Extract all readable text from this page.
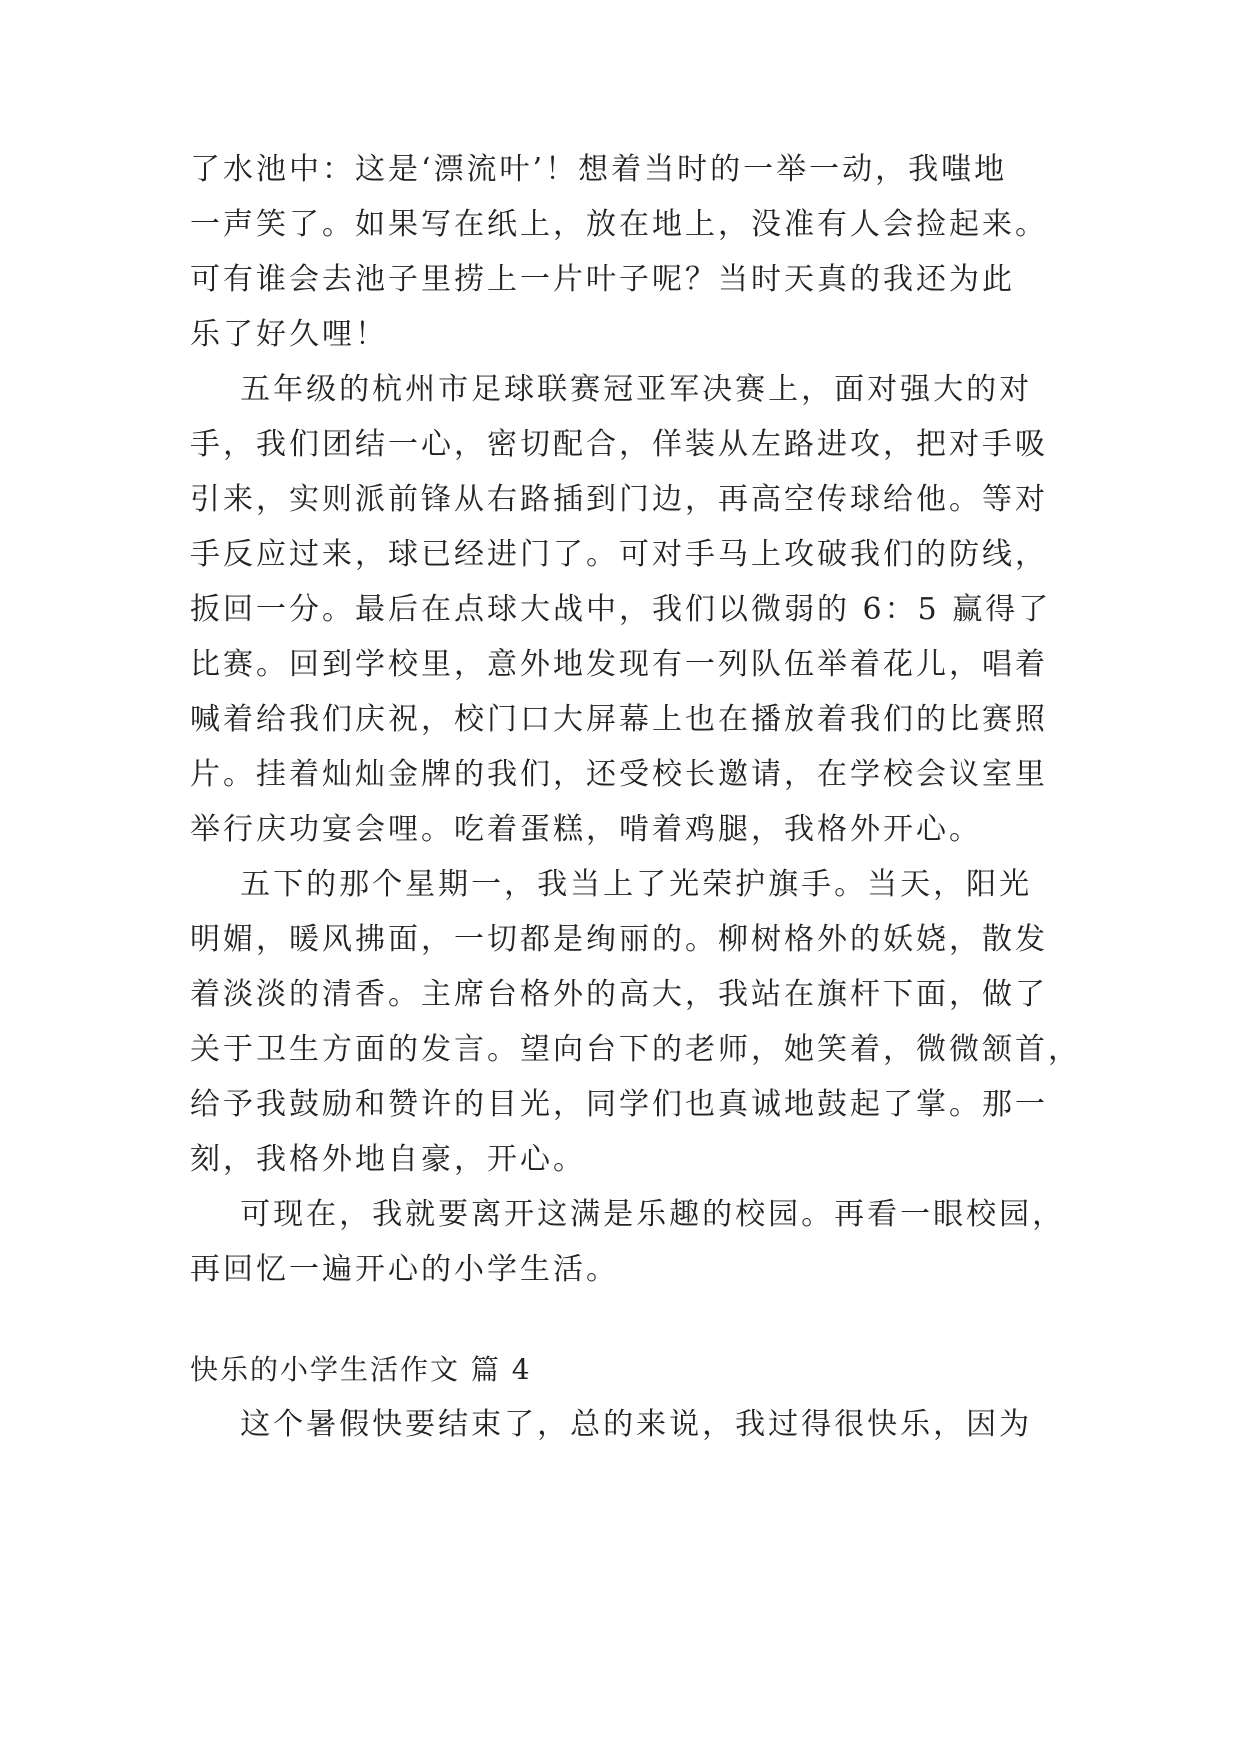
了水池中：这是‘漂流叶’！想着当时的一举一动，我嗤地
一声笑了。如果写在纸上，放在地上，没准有人会捡起来。
可有谁会去池子里捞上一片叶子呢？当时天真的我还为此
乐了好久哩！
五年级的杭州市足球联赛冠亚军决赛上，面对强大的对
手，我们团结一心，密切配合，佯装从左路进攻，把对手吸
引来，实则派前锋从右路插到门边，再高空传球给他。等对
手反应过来，球已经进门了。可对手马上攻破我们的防线，
扳回一分。最后在点球大战中，我们以微弱的 6：5 赢得了
比赛。回到学校里，意外地发现有一列队伍举着花儿，唱着
喊着给我们庆祝，校门口大屏幕上也在播放着我们的比赛照
片。挂着灿灿金牌的我们，还受校长邀请，在学校会议室里
举行庆功宴会哩。吃着蛋糕，啃着鸡腿，我格外开心。
五下的那个星期一，我当上了光荣护旗手。当天，阳光
明媚，暖风拂面，一切都是绚丽的。柳树格外的妖娆，散发
着淡淡的清香。主席台格外的高大，我站在旗杆下面，做了
关于卫生方面的发言。望向台下的老师，她笑着，微微颔首，
给予我鼓励和赞许的目光，同学们也真诚地鼓起了掌。那一
刻，我格外地自豪，开心。
可现在，我就要离开这满是乐趣的校园。再看一眼校园，
再回忆一遍开心的小学生活。
快乐的小学生活作文 篇 4
这个暑假快要结束了，总的来说，我过得很快乐，因为
